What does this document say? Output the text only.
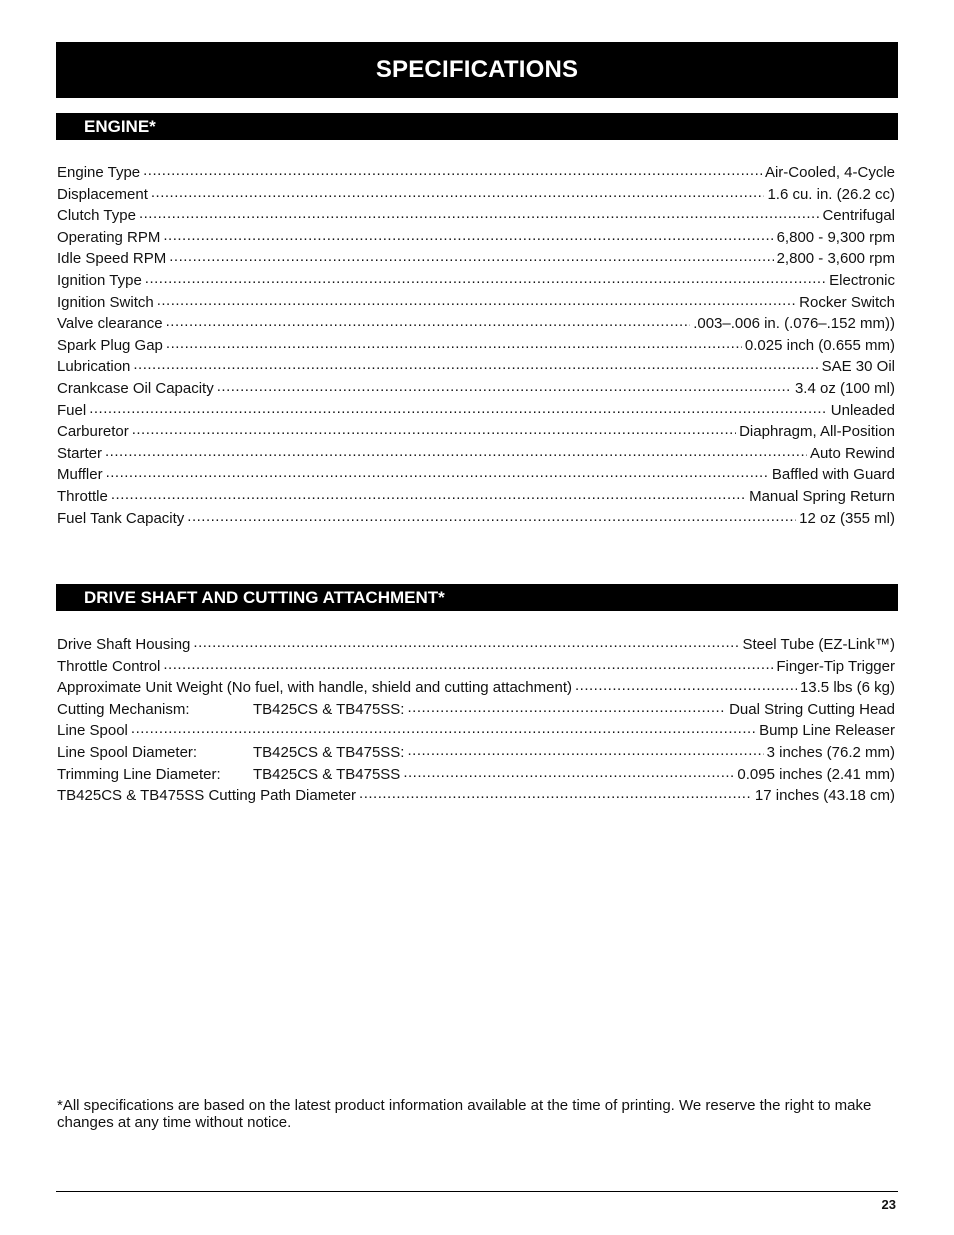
SPECIFICATIONS
ENGINE*
Engine Type .....	Air-Cooled, 4-Cycle
Displacement .....	1.6 cu. in. (26.2 cc)
Clutch Type .....	Centrifugal
Operating RPM .....	6,800 - 9,300 rpm
Idle Speed RPM .....	2,800 - 3,600 rpm
Ignition Type .....	Electronic
Ignition Switch .....	Rocker Switch
Valve clearance .....	.003–.006 in. (.076–.152 mm))
Spark Plug Gap .....	0.025 inch (0.655 mm)
Lubrication .....	SAE 30 Oil
Crankcase Oil Capacity .....	3.4 oz (100 ml)
Fuel .....	Unleaded
Carburetor .....	Diaphragm, All-Position
Starter .....	Auto Rewind
Muffler .....	Baffled with Guard
Throttle .....	Manual Spring Return
Fuel Tank Capacity .....	12 oz (355 ml)
DRIVE SHAFT AND CUTTING ATTACHMENT*
Drive Shaft Housing .....	Steel Tube (EZ-Link™)
Throttle Control .....	Finger-Tip Trigger
Approximate Unit Weight (No fuel, with handle, shield and cutting attachment) .....	13.5 lbs (6 kg)
Cutting Mechanism:	TB425CS & TB475SS: .....	Dual String Cutting Head
Line Spool .....	Bump Line Releaser
Line Spool Diameter:	TB425CS & TB475SS: .....	3 inches (76.2 mm)
Trimming Line Diameter:	TB425CS & TB475SS .....	0.095 inches (2.41 mm)
TB425CS & TB475SS Cutting Path Diameter .....	17 inches (43.18 cm)

*All specifications are based on the latest product information available at the time of printing. We reserve the right to make changes at any time without notice.

23
